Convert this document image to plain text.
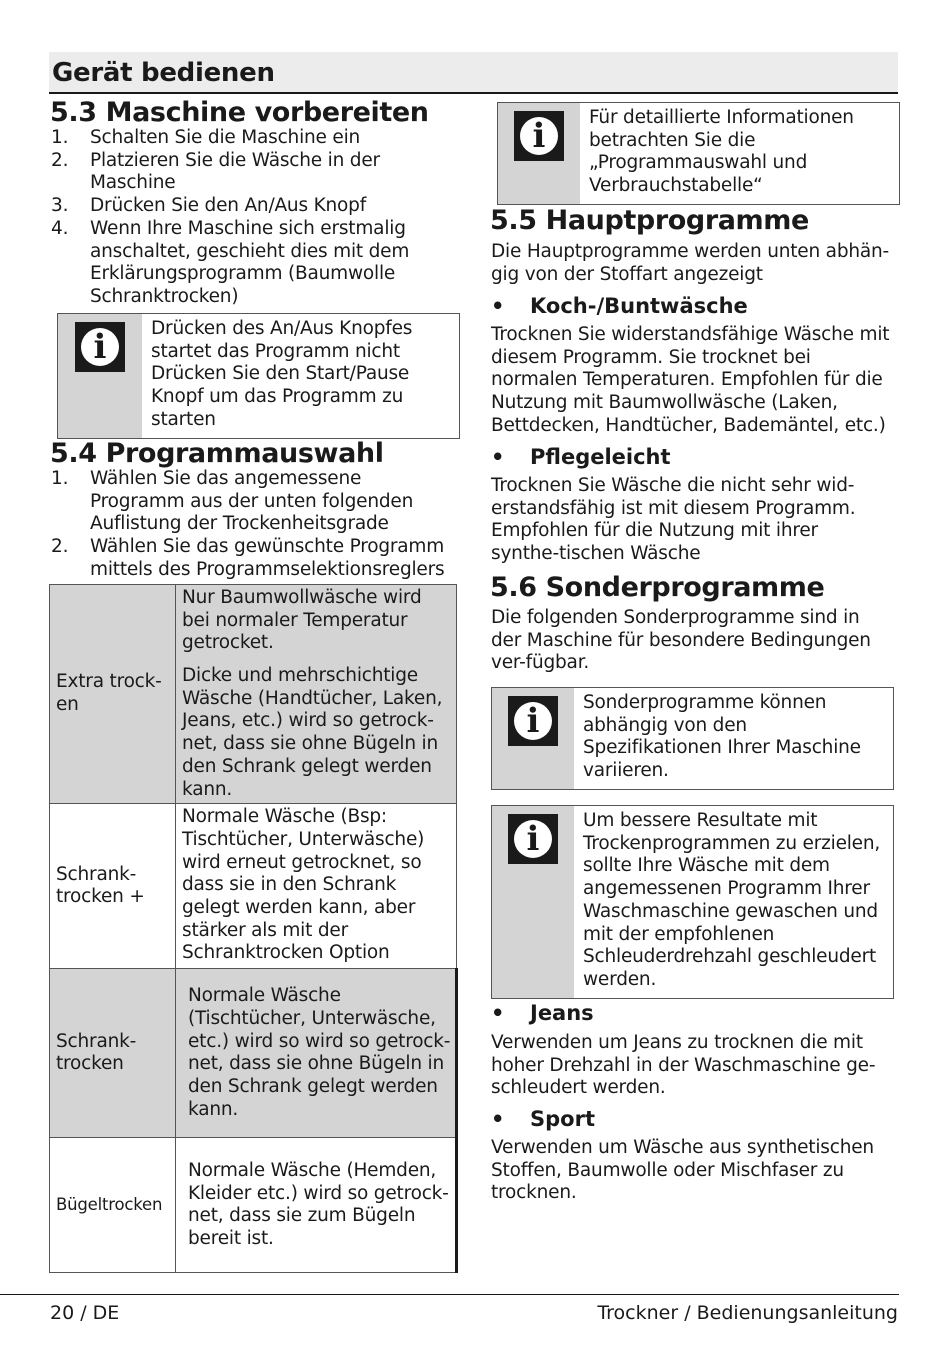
Gerät bedienen
5.3 Maschine vorbereiten
1. Schalten Sie die Maschine ein
2. Platzieren Sie die Wäsche in der Maschine
3. Drücken Sie den An/Aus Knopf
4. Wenn Ihre Maschine sich erstmalig anschaltet, geschieht dies mit dem Erklärungsprogramm (Baumwolle Schranktrocken)
i	Drücken des An/Aus Knopfes startet das Programm nicht Drücken Sie den Start/Pause Knopf um das Programm zu starten
5.4 Programmauswahl
1. Wählen Sie das angemessene Programm aus der unten folgenden Auflistung der Trockenheitsgrade
2. Wählen Sie das gewünschte Programm mittels des Programmselektionsreglers
Extra trock-en	Nur Baumwollwäsche wird bei normaler Temperatur getrocket.
	Dicke und mehrschichtige Wäsche (Handtücher, Laken, Jeans, etc.) wird so getrock-net, dass sie ohne Bügeln in den Schrank gelegt werden kann.
Schrank-trocken +	Normale Wäsche (Bsp: Tischtücher, Unterwäsche) wird erneut getrocknet, so dass sie in den Schrank gelegt werden kann, aber stärker als mit der Schranktrocken Option
Schrank-trocken	Normale Wäsche (Tischtücher, Unterwäsche, etc.) wird so wird so getrock-net, dass sie ohne Bügeln in den Schrank gelegt werden kann.
Bügeltrocken	Normale Wäsche (Hemden, Kleider etc.) wird so getrock-net, dass sie zum Bügeln bereit ist.
i	Für detaillierte Informationen betrachten Sie die „Programmauswahl und Verbrauchstabelle“
5.5 Hauptprogramme
Die Hauptprogramme werden unten abhän-gig von der Stoffart angezeigt
• Koch-/Buntwäsche
Trocknen Sie widerstandsfähige Wäsche mit diesem Programm. Sie trocknet bei normalen Temperaturen. Empfohlen für die Nutzung mit Baumwollwäsche (Laken, Bettdecken, Handtücher, Bademäntel, etc.)
• Pflegeleicht
Trocknen Sie Wäsche die nicht sehr wid-erstandsfähig ist mit diesem Programm. Empfohlen für die Nutzung mit ihrer synthe-tischen Wäsche
5.6 Sonderprogramme
Die folgenden Sonderprogramme sind in der Maschine für besondere Bedingungen ver-fügbar.
i	Sonderprogramme können abhängig von den Spezifikationen Ihrer Maschine variieren.
i	Um bessere Resultate mit Trockenprogrammen zu erzielen, sollte Ihre Wäsche mit dem angemessenen Programm Ihrer Waschmaschine gewaschen und mit der empfohlenen Schleuderdrehzahl geschleudert werden.
• Jeans
Verwenden um Jeans zu trocknen die mit hoher Drehzahl in der Waschmaschine ge-schleudert werden.
• Sport
Verwenden um Wäsche aus synthetischen Stoffen, Baumwolle oder Mischfaser zu trocknen.
20 / DE	Trockner / Bedienungsanleitung
